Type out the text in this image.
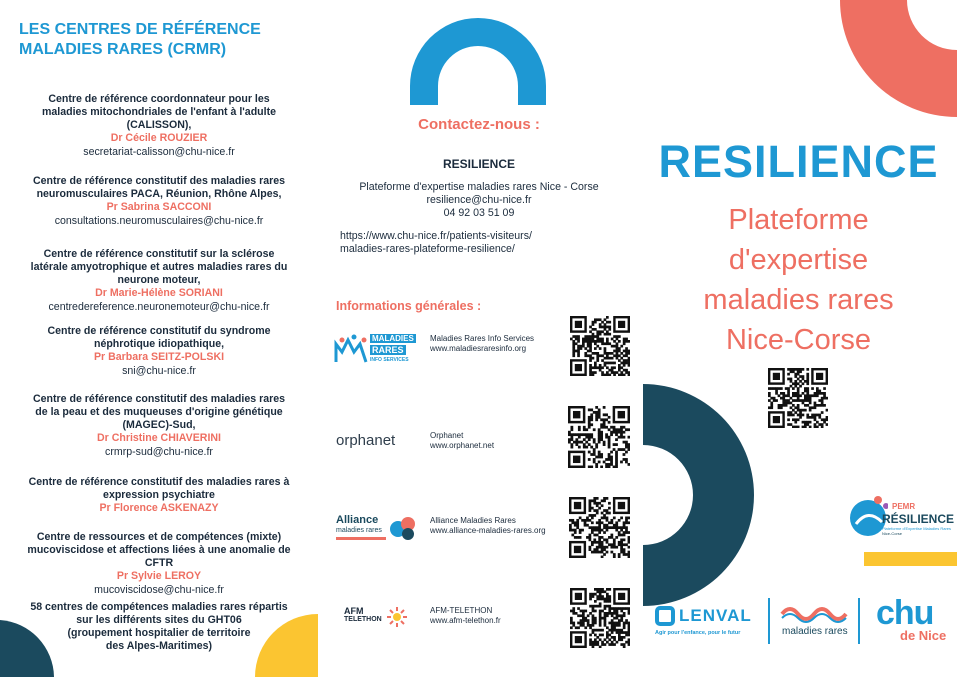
LES CENTRES DE RÉFÉRENCE
MALADIES RARES (CRMR)
Centre de référence coordonnateur pour les
maladies mitochondriales de l'enfant à l'adulte
(CALISSON),
Dr Cécile ROUZIER
secretariat-calisson@chu-nice.fr
Centre de référence constitutif des maladies rares
neuromusculaires PACA, Réunion, Rhône Alpes,
Pr Sabrina SACCONI
consultations.neuromusculaires@chu-nice.fr
Centre de référence constitutif sur la sclérose
latérale amyotrophique et autres maladies rares du
neurone moteur,
Dr Marie-Hélène SORIANI
centredereference.neuronemoteur@chu-nice.fr
Centre de référence constitutif du syndrome
néphrotique idiopathique,
Pr Barbara SEITZ-POLSKI
sni@chu-nice.fr
Centre de référence constitutif des maladies rares
de la peau et des muqueuses d'origine génétique
(MAGEC)-Sud,
Dr Christine CHIAVERINI
crmrp-sud@chu-nice.fr
Centre de référence constitutif des maladies rares à
expression psychiatre
Pr Florence ASKENAZY
Centre de ressources et de compétences (mixte)
mucoviscidose et affections liées à une anomalie de
CFTR
Pr Sylvie LEROY
mucoviscidose@chu-nice.fr
58 centres de compétences maladies rares répartis
sur les différents sites du GHT06
(groupement hospitalier de territoire
des Alpes-Maritimes)
Contactez-nous :
RESILIENCE
Plateforme d'expertise maladies rares Nice - Corse
resilience@chu-nice.fr
04 92 03 51 09
https://www.chu-nice.fr/patients-visiteurs/
maladies-rares-plateforme-resilience/
Informations générales :
MALADIES
RARES
INFO SERVICES
Maladies Rares Info Services
www.maladiesraresinfo.org
orphanet	Orphanet
www.orphanet.net
Alliance
maladies rares
Alliance Maladies Rares
www.alliance-maladies-rares.org
AFM
TELETHON
AFM-TELETHON
www.afm-telethon.fr
RESILIENCE
Plateforme
d'expertise
maladies rares
Nice-Corse
PEMR
RÉSILIENCE
Plateforme d'Expertise Maladies Rares
Nice-Corse
LENVAL
Agir pour l'enfance, pour le futur	maladies rares chu
de Nice
